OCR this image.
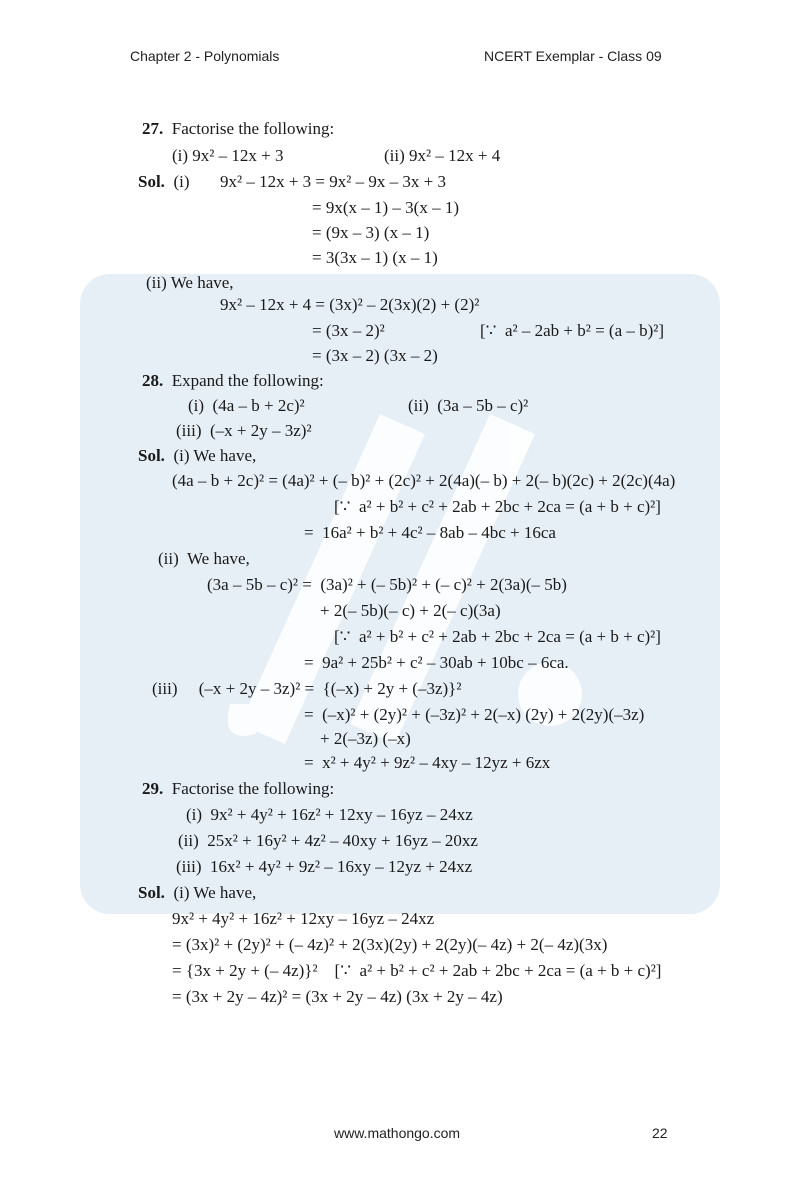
Chapter 2 - Polynomials	NCERT Exemplar - Class 09
27.  Factorise the following:
(i) 9x² – 12x + 3	(ii) 9x² – 12x + 4
Sol.  (i) 9x² – 12x + 3 = 9x² – 9x – 3x + 3
= 9x(x – 1) – 3(x – 1)
= (9x – 3) (x – 1)
= 3(3x – 1) (x – 1)
(ii) We have,
9x² – 12x + 4 = (3x)² – 2(3x)(2) + (2)²
= (3x – 2)²	[∵  a² – 2ab + b² = (a – b)²]
= (3x – 2) (3x – 2)
28.  Expand the following:
(i)  (4a – b + 2c)²	(ii)  (3a – 5b – c)²
(iii)  (–x + 2y – 3z)²
Sol.  (i) We have,
(4a – b + 2c)² = (4a)² + (– b)² + (2c)² + 2(4a)(– b) + 2(– b)(2c) + 2(2c)(4a)
[∵  a² + b² + c² + 2ab + 2bc + 2ca = (a + b + c)²]
=  16a² + b² + 4c² – 8ab – 4bc + 16ca
(ii)  We have,
(3a – 5b – c)² =  (3a)² + (– 5b)² + (– c)² + 2(3a)(– 5b)
+ 2(– 5b)(– c) + 2(– c)(3a)
[∵  a² + b² + c² + 2ab + 2bc + 2ca = (a + b + c)²]
=  9a² + 25b² + c² – 30ab + 10bc – 6ca.
(iii)     (–x + 2y – 3z)² =  {(–x) + 2y + (–3z)}²
=  (–x)² + (2y)² + (–3z)² + 2(–x) (2y) + 2(2y)(–3z)
+ 2(–3z) (–x)
=  x² + 4y² + 9z² – 4xy – 12yz + 6zx
29.  Factorise the following:
(i)  9x² + 4y² + 16z² + 12xy – 16yz – 24xz
(ii)  25x² + 16y² + 4z² – 40xy + 16yz – 20xz
(iii)  16x² + 4y² + 9z² – 16xy – 12yz + 24xz
Sol.  (i) We have,
9x² + 4y² + 16z² + 12xy – 16yz – 24xz
= (3x)² + (2y)² + (– 4z)² + 2(3x)(2y) + 2(2y)(– 4z) + 2(– 4z)(3x)
= {3x + 2y + (– 4z)}²    [∵  a² + b² + c² + 2ab + 2bc + 2ca = (a + b + c)²]
= (3x + 2y – 4z)² = (3x + 2y – 4z) (3x + 2y – 4z)
www.mathongo.com	22
